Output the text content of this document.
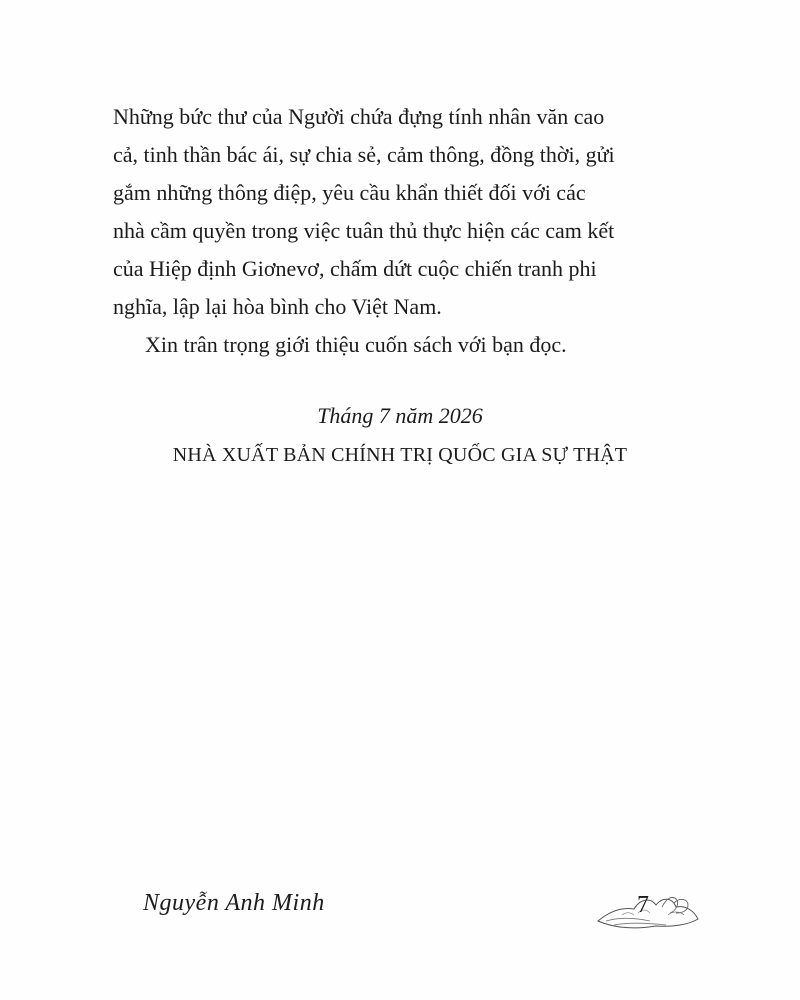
Những bức thư của Người chứa đựng tính nhân văn cao
cả, tinh thần bác ái, sự chia sẻ, cảm thông, đồng thời, gửi
gắm những thông điệp, yêu cầu khẩn thiết đối với các
nhà cầm quyền trong việc tuân thủ thực hiện các cam kết
của Hiệp định Giơnevơ, chấm dứt cuộc chiến tranh phi
nghĩa, lập lại hòa bình cho Việt Nam.

Xin trân trọng giới thiệu cuốn sách với bạn đọc.

Tháng 7 năm 2026
NHÀ XUẤT BẢN CHÍNH TRỊ QUỐC GIA SỰ THẬT
Nguyễn Anh Minh	7
